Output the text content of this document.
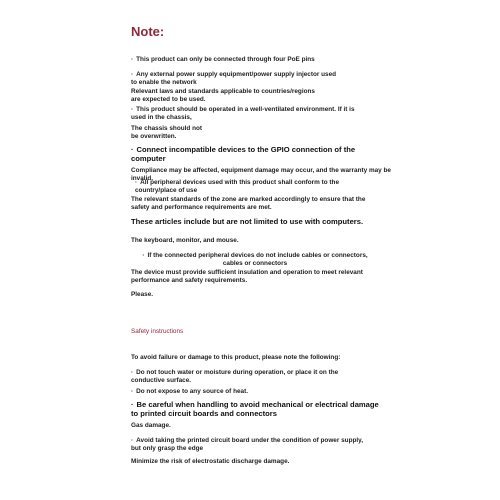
Note:

· This product can only be connected through four PoE pins

· Any external power supply equipment/power supply injector used to enable the network

Relevant laws and standards applicable to countries/regions are expected to be used.

· This product should be operated in a well-ventilated environment. If it is used in the chassis,

The chassis should not be overwritten.

· Connect incompatible devices to the GPIO connection of the computer

Compliance may be affected, equipment damage may occur, and the warranty may be invalid.

· All peripheral devices used with this product shall conform to the country/place of use

The relevant standards of the zone are marked accordingly to ensure that the safety and performance requirements are met.

These articles include but are not limited to use with computers.

The keyboard, monitor, and mouse.

· If the connected peripheral devices do not include cables or connectors, cables or connectors

The device must provide sufficient insulation and operation to meet relevant performance and safety requirements.

Please.

Safety instructions

To avoid failure or damage to this product, please note the following:

· Do not touch water or moisture during operation, or place it on the conductive surface.

· Do not expose to any source of heat.

· Be careful when handling to avoid mechanical or electrical damage to printed circuit boards and connectors

Gas damage.

· Avoid taking the printed circuit board under the condition of power supply, but only grasp the edge

Minimize the risk of electrostatic discharge damage.
